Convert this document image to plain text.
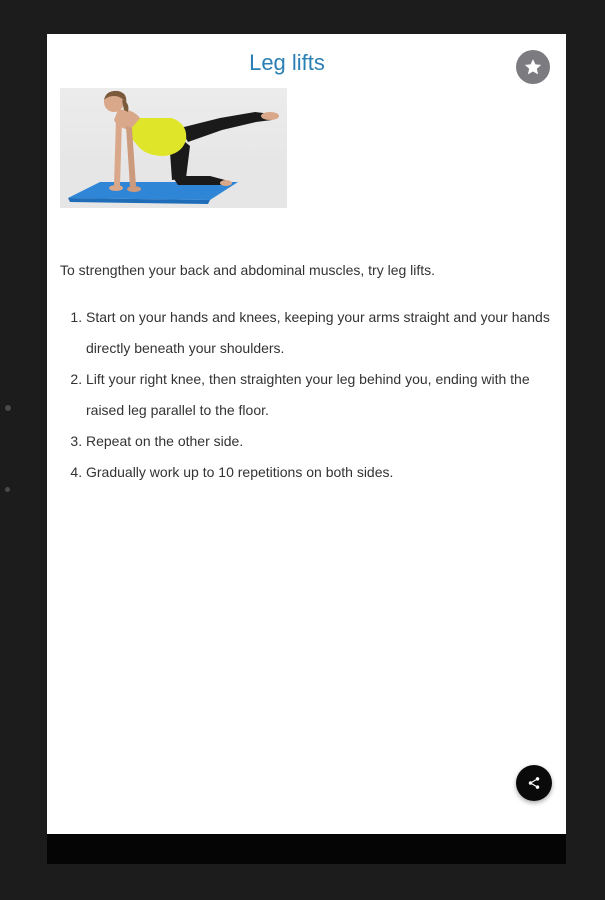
Leg lifts
To strengthen your back and abdominal muscles, try leg lifts.
1. Start on your hands and knees, keeping your arms straight and your hands directly beneath your shoulders.
2. Lift your right knee, then straighten your leg behind you, ending with the raised leg parallel to the floor.
3. Repeat on the other side.
4. Gradually work up to 10 repetitions on both sides.
